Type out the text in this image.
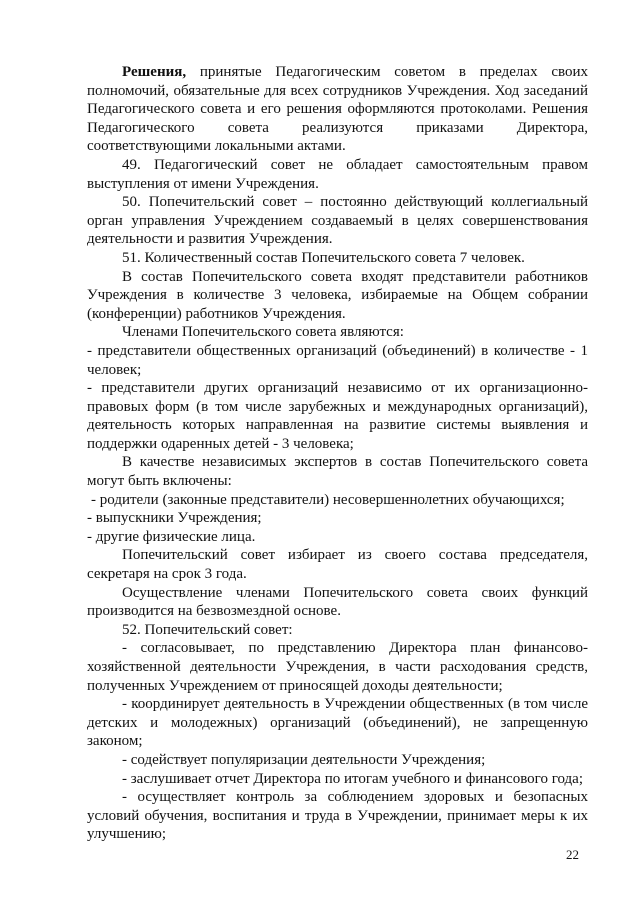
Решения, принятые Педагогическим советом в пределах своих полномочий, обязательные для всех сотрудников Учреждения. Ход заседаний Педагогического совета и его решения оформляются протоколами. Решения Педагогического совета реализуются приказами Директора, соответствующими локальными актами.

49. Педагогический совет не обладает самостоятельным правом выступления от имени Учреждения.

50. Попечительский совет – постоянно действующий коллегиальный орган управления Учреждением создаваемый в целях совершенствования деятельности и развития Учреждения.

51. Количественный состав Попечительского совета 7 человек.

В состав Попечительского совета входят представители работников Учреждения в количестве 3 человека, избираемые на Общем собрании (конференции) работников Учреждения.

Членами Попечительского совета являются:

- представители общественных организаций (объединений) в количестве - 1 человек;

- представители других организаций независимо от их организационно-правовых форм (в том числе зарубежных и международных организаций), деятельность которых направленная на развитие системы выявления и поддержки одаренных детей - 3 человека;

В качестве независимых экспертов в состав Попечительского совета могут быть включены:

- родители (законные представители) несовершеннолетних обучающихся;

- выпускники Учреждения;

- другие физические лица.

Попечительский совет избирает из своего состава председателя, секретаря на срок 3 года.

Осуществление членами Попечительского совета своих функций производится на безвозмездной основе.

52. Попечительский совет:

- согласовывает, по представлению Директора план финансово-хозяйственной деятельности Учреждения, в части расходования средств, полученных Учреждением от приносящей доходы деятельности;

- координирует деятельность в Учреждении общественных (в том числе детских и молодежных) организаций (объединений), не запрещенную законом;

- содействует популяризации деятельности Учреждения;

- заслушивает отчет Директора по итогам учебного и финансового года;

- осуществляет контроль за соблюдением здоровых и безопасных условий обучения, воспитания и труда в Учреждении, принимает меры к их улучшению;

22
